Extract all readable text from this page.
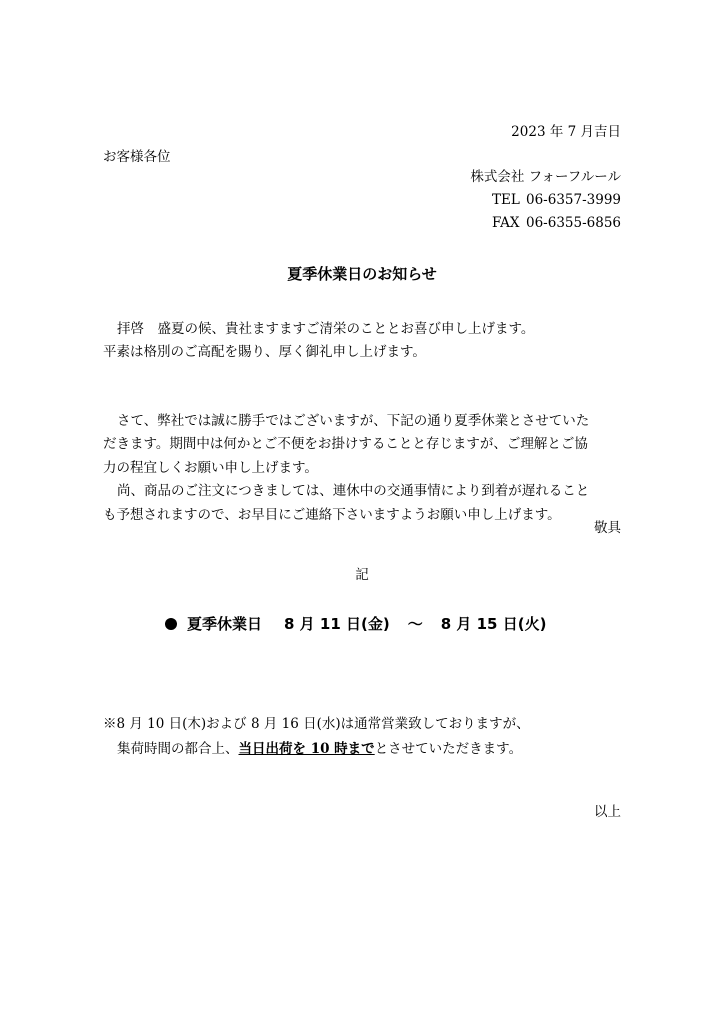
2023 年 7 月吉日
お客様各位
株式会社 フォーフルール
TEL 06-6357-3999
FAX 06-6355-6856
夏季休業日のお知らせ
拝啓　盛夏の候、貴社ますますご清栄のこととお喜び申し上げます。
平素は格別のご高配を賜り、厚く御礼申し上げます。
さて、弊社では誠に勝手ではございますが、下記の通り夏季休業とさせていた
だきます。期間中は何かとご不便をお掛けすることと存じますが、ご理解とご協
力の程宜しくお願い申し上げます。
尚、商品のご注文につきましては、連休中の交通事情により到着が遅れること
も予想されますので、お早目にご連絡下さいますようお願い申し上げます。
敬具
記
夏季休業日 8 月 11 日(金) ～ 8 月 15 日(火)
※8 月 10 日(木)および 8 月 16 日(水)は通常営業致しておりますが、
集荷時間の都合上、当日出荷を 10 時までとさせていただきます。
以上
